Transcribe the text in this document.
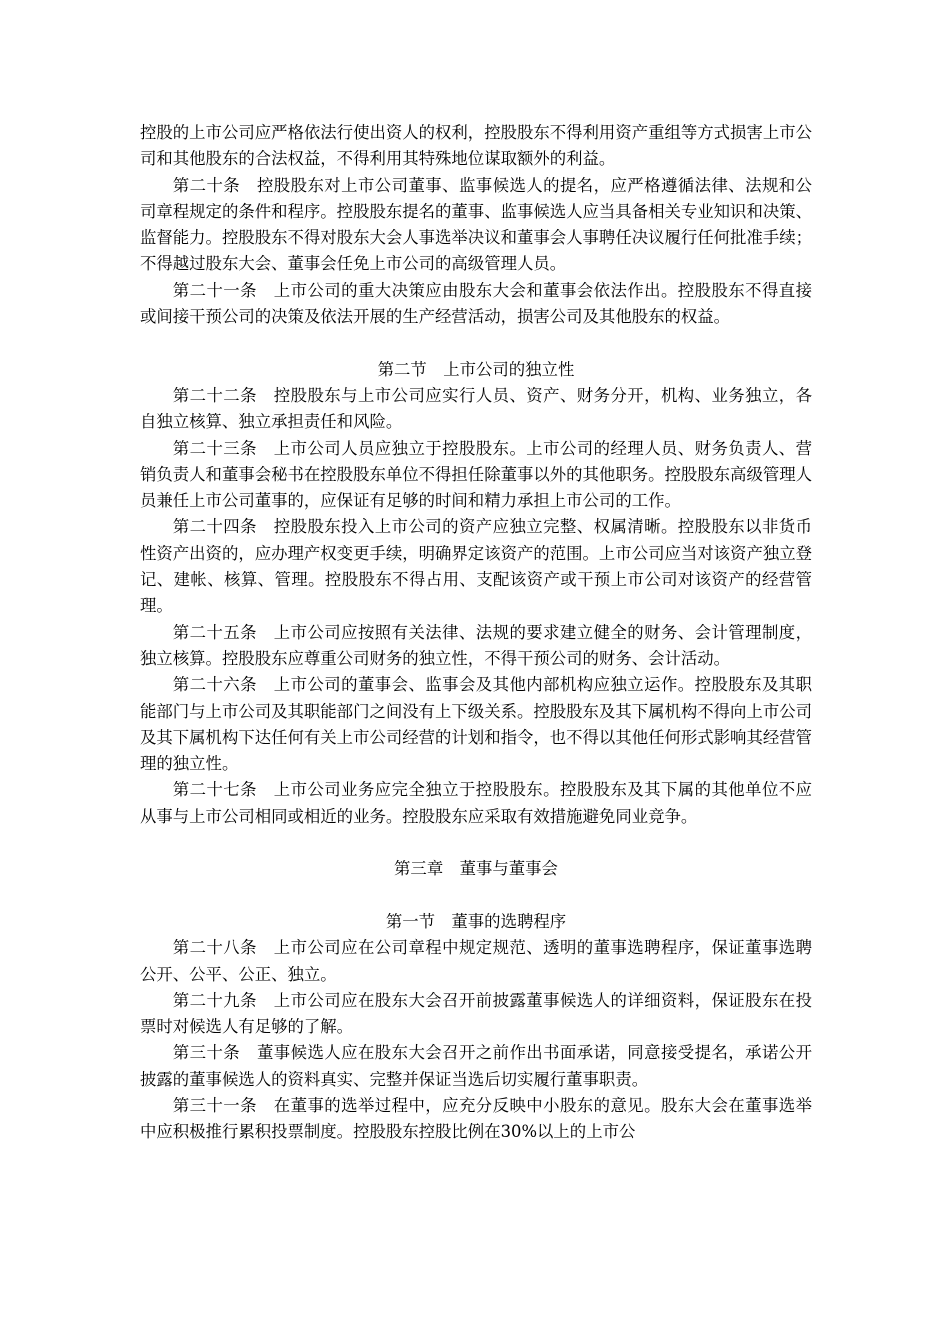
控股的上市公司应严格依法行使出资人的权利，控股股东不得利用资产重组等方式损害上市公司和其他股东的合法权益，不得利用其特殊地位谋取额外的利益。

第二十条　控股股东对上市公司董事、监事候选人的提名，应严格遵循法律、法规和公司章程规定的条件和程序。控股股东提名的董事、监事候选人应当具备相关专业知识和决策、监督能力。控股股东不得对股东大会人事选举决议和董事会人事聘任决议履行任何批准手续；不得越过股东大会、董事会任免上市公司的高级管理人员。

第二十一条　上市公司的重大决策应由股东大会和董事会依法作出。控股股东不得直接或间接干预公司的决策及依法开展的生产经营活动，损害公司及其他股东的权益。

第二节　上市公司的独立性

第二十二条　控股股东与上市公司应实行人员、资产、财务分开，机构、业务独立，各自独立核算、独立承担责任和风险。

第二十三条　上市公司人员应独立于控股股东。上市公司的经理人员、财务负责人、营销负责人和董事会秘书在控股股东单位不得担任除董事以外的其他职务。控股股东高级管理人员兼任上市公司董事的，应保证有足够的时间和精力承担上市公司的工作。

第二十四条　控股股东投入上市公司的资产应独立完整、权属清晰。控股股东以非货币性资产出资的，应办理产权变更手续，明确界定该资产的范围。上市公司应当对该资产独立登记、建帐、核算、管理。控股股东不得占用、支配该资产或干预上市公司对该资产的经营管理。

第二十五条　上市公司应按照有关法律、法规的要求建立健全的财务、会计管理制度，独立核算。控股股东应尊重公司财务的独立性，不得干预公司的财务、会计活动。

第二十六条　上市公司的董事会、监事会及其他内部机构应独立运作。控股股东及其职能部门与上市公司及其职能部门之间没有上下级关系。控股股东及其下属机构不得向上市公司及其下属机构下达任何有关上市公司经营的计划和指令，也不得以其他任何形式影响其经营管理的独立性。

第二十七条　上市公司业务应完全独立于控股股东。控股股东及其下属的其他单位不应从事与上市公司相同或相近的业务。控股股东应采取有效措施避免同业竞争。

第三章　董事与董事会

第一节　董事的选聘程序

第二十八条　上市公司应在公司章程中规定规范、透明的董事选聘程序，保证董事选聘公开、公平、公正、独立。

第二十九条　上市公司应在股东大会召开前披露董事候选人的详细资料，保证股东在投票时对候选人有足够的了解。

第三十条　董事候选人应在股东大会召开之前作出书面承诺，同意接受提名，承诺公开披露的董事候选人的资料真实、完整并保证当选后切实履行董事职责。

第三十一条　在董事的选举过程中，应充分反映中小股东的意见。股东大会在董事选举中应积极推行累积投票制度。控股股东控股比例在30%以上的上市公
